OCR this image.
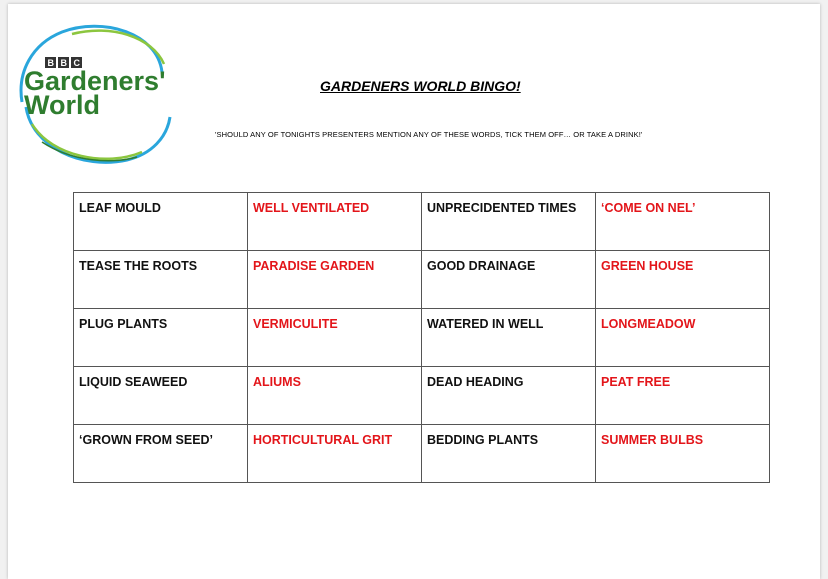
B B C
Gardeners'
World
GARDENERS WORLD BINGO!
'SHOULD ANY OF TONIGHTS PRESENTERS MENTION ANY OF THESE WORDS, TICK THEM OFF… OR TAKE A DRINK!'
LEAF MOULD	WELL VENTILATED	UNPRECIDENTED TIMES	‘COME ON NEL’
TEASE THE ROOTS	PARADISE GARDEN	GOOD DRAINAGE	GREEN HOUSE
PLUG PLANTS	VERMICULITE	WATERED IN WELL	LONGMEADOW
LIQUID SEAWEED	ALIUMS	DEAD HEADING	PEAT FREE
‘GROWN FROM SEED’	HORTICULTURAL GRIT	BEDDING PLANTS	SUMMER BULBS
